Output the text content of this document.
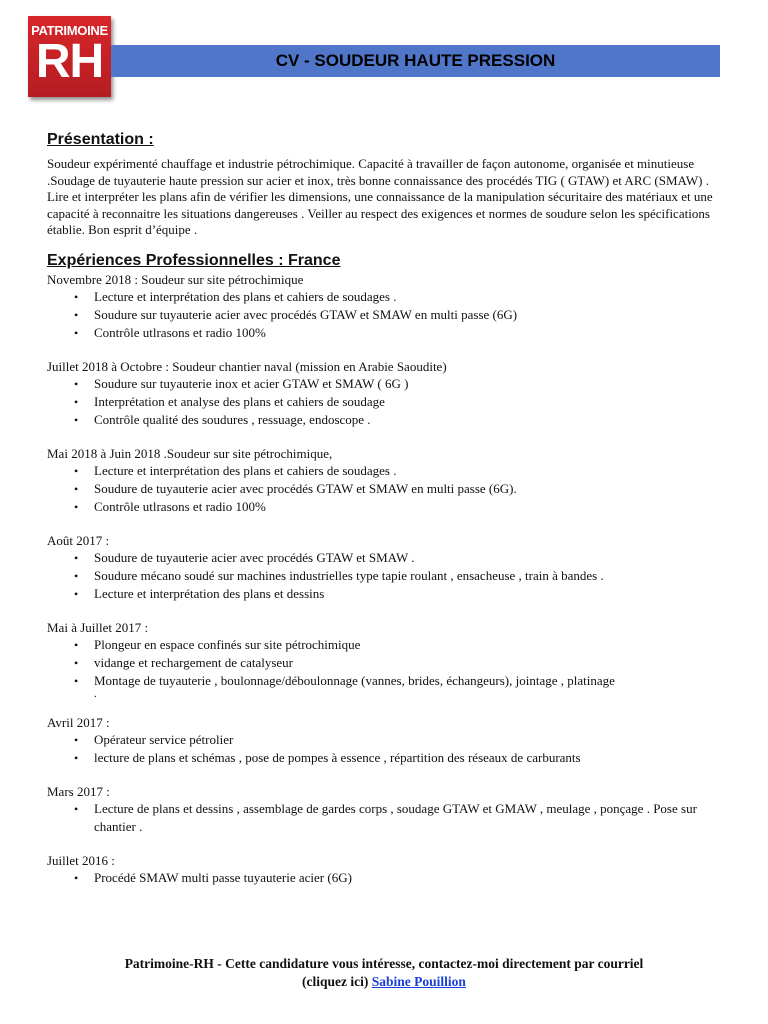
PATRIMOINE
RH	CV - SOUDEUR HAUTE PRESSION
Présentation :

Soudeur expérimenté chauffage et industrie pétrochimique. Capacité à travailler de façon autonome, organisée et minutieuse .Soudage de tuyauterie haute pression sur acier et inox, très bonne connaissance des procédés TIG ( GTAW) et ARC (SMAW) . Lire et interpréter les plans afin de vérifier les dimensions, une connaissance de la manipulation sécuritaire des matériaux et une capacité à reconnaitre les situations dangereuses . Veiller au respect des exigences et normes de soudure selon les spécifications établie. Bon esprit d’équipe .

Expériences Professionnelles : France
Novembre 2018 : Soudeur sur site pétrochimique
• Lecture et interprétation des plans et cahiers de soudages .
• Soudure sur tuyauterie acier avec procédés GTAW et SMAW en multi passe (6G)
• Contrôle utlrasons et radio 100%
Juillet 2018 à Octobre : Soudeur chantier naval (mission en Arabie Saoudite)
• Soudure sur tuyauterie inox et acier GTAW et SMAW ( 6G )
• Interprétation et analyse des plans et cahiers de soudage
• Contrôle qualité des soudures , ressuage, endoscope .
Mai 2018 à Juin 2018 .Soudeur sur site pétrochimique,
• Lecture et interprétation des plans et cahiers de soudages .
• Soudure de tuyauterie acier avec procédés GTAW et SMAW en multi passe (6G).
• Contrôle utlrasons et radio 100%
Août 2017 :
• Soudure de tuyauterie acier avec procédés GTAW et SMAW .
• Soudure mécano soudé sur machines industrielles type tapie roulant , ensacheuse , train à bandes .
• Lecture et interprétation des plans et dessins
Mai à Juillet 2017 :
• Plongeur en espace confinés sur site pétrochimique
• vidange et rechargement de catalyseur
• Montage de tuyauterie , boulonnage/déboulonnage (vannes, brides, échangeurs), jointage , platinage
.
Avril 2017 :
• Opérateur service pétrolier
• lecture de plans et schémas , pose de pompes à essence , répartition des réseaux de carburants
Mars 2017 :
• Lecture de plans et dessins , assemblage de gardes corps , soudage GTAW et GMAW , meulage , ponçage . Pose sur chantier .
Juillet 2016 :
• Procédé SMAW multi passe tuyauterie acier (6G)
Patrimoine-RH - Cette candidature vous intéresse, contactez-moi directement par courriel
(cliquez ici) Sabine Pouillion
